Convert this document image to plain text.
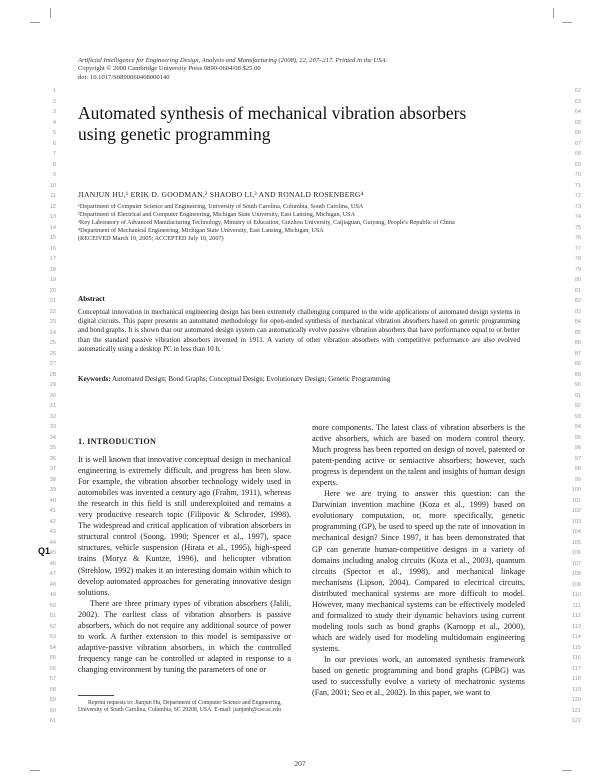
Artificial Intelligence for Engineering Design, Analysis and Manufacturing (2008), 22, 207–217. Printed in the USA.
Copyright © 2008 Cambridge University Press 0890-0604/08 $25.00
doi: 10.1017/S0890060408000140
Automated synthesis of mechanical vibration absorbers using genetic programming
JIANJUN HU,¹ ERIK D. GOODMAN,² SHAOBO LI,³ AND RONALD ROSENBERG⁴
¹Department of Computer Science and Engineering, University of South Carolina, Columbia, South Carolina, USA
²Department of Electrical and Computer Engineering, Michigan State University, East Lansing, Michigan, USA
³Key Laboratory of Advanced Manufacturing Technology, Ministry of Education, Guizhou University, Caijiaguan, Guiyang, People's Republic of China
⁴Department of Mechanical Engineering, Michigan State University, East Lansing, Michigan, USA
(RECEIVED March 10, 2005; ACCEPTED July 10, 2007)
Abstract
Conceptual innovation in mechanical engineering design has been extremely challenging compared to the wide applications of automated design systems in digital circuits. This paper presents an automated methodology for open-ended synthesis of mechanical vibration absorbers based on genetic programming and bond graphs. It is shown that our automated design system can automatically evolve passive vibration absorbers that have performance equal to or better than the standard passive vibration absorbers invented in 1911. A variety of other vibration absorbers with competitive performance are also evolved automatically using a desktop PC in less than 10 h.
Keywords: Automated Design; Bond Graphs; Conceptual Design; Evolutionary Design; Genetic Programming
1. INTRODUCTION

It is well known that innovative conceptual design in mechanical engineering is extremely difficult, and progress has been slow. For example, the vibration absorber technology widely used in automobiles was invented a century ago (Frahm, 1911), whereas the research in this field is still underexploited and remains a very productive research topic (Filipovic & Schroder, 1998). The widespread and critical application of vibration absorbers in structural control (Soong, 1990; Spencer et al., 1997), space structures, vehicle suspension (Hirata et al., 1995), high-speed trains (Moryz & Kuntze, 1996), and helicopter vibration (Strehlow, 1992) makes it an interesting domain within which to develop automated approaches for generating innovative design solutions.

There are three primary types of vibration absorbers (Jalili, 2002). The earliest class of vibration absorbers is passive absorbers, which do not require any additional source of power to work. A further extension to this model is semipassive or adaptive-passive vibration absorbers, in which the controlled frequency range can be controlled or adapted in response to a changing environment by tuning the parameters of one or

more components. The latest class of vibration absorbers is the active absorbers, which are based on modern control theory. Much progress has been reported on design of novel, patented or patent-pending active or semiactive absorbers; however, such progress is dependent on the talent and insights of human design experts.

Here we are trying to answer this question: can the Darwinian invention machine (Koza et al., 1999) based on evolutionary computation, or, more specifically, genetic programming (GP), be used to speed up the rate of innovation in mechanical design? Since 1997, it has been demonstrated that GP can generate human-competitive designs in a variety of domains including analog circuits (Koza et al., 2003), quantum circuits (Spector et al., 1998), and mechanical linkage mechanisms (Lipson, 2004). Compared to electrical circuits, distributed mechanical systems are more difficult to model. However, many mechanical systems can be effectively modeled and formalized to study their dynamic behaviors using current modeling tools such as bond graphs (Karnopp et al., 2000), which are widely used for modeling multidomain engineering systems.

In our previous work, an automated synthesis framework based on genetic programming and bond graphs (GPBG) was used to successfully evolve a variety of mechatronic systems (Fan, 2001; Seo et al., 2002). In this paper, we want to

Q1
Reprint requests to: Jianjun Hu, Department of Computer Science and Engineering, University of South Carolina, Columbia, SC 29208, USA. E-mail: jianjunh@cse.sc.edu
207
1
2
3
4
5
6
7
8
9
10
11
12
13
14
15
16
17
18
19
20
21
22
23
24
25
26
27
28
29
30
31
32
33
34
35
36
37
38
39
40
41
42
43
44
45
46
47
48
49
50
51
52
53
54
55
56
57
58
59
60
61
62
63
64
65
66
67
68
69
70
71
72
73
74
75
76
77
78
79
80
81
82
83
84
85
86
87
88
89
90
91
92
93
94
95
96
97
98
99
100
101
102
103
104
105
106
107
108
109
110
111
112
113
114
115
116
117
118
119
120
121
122
